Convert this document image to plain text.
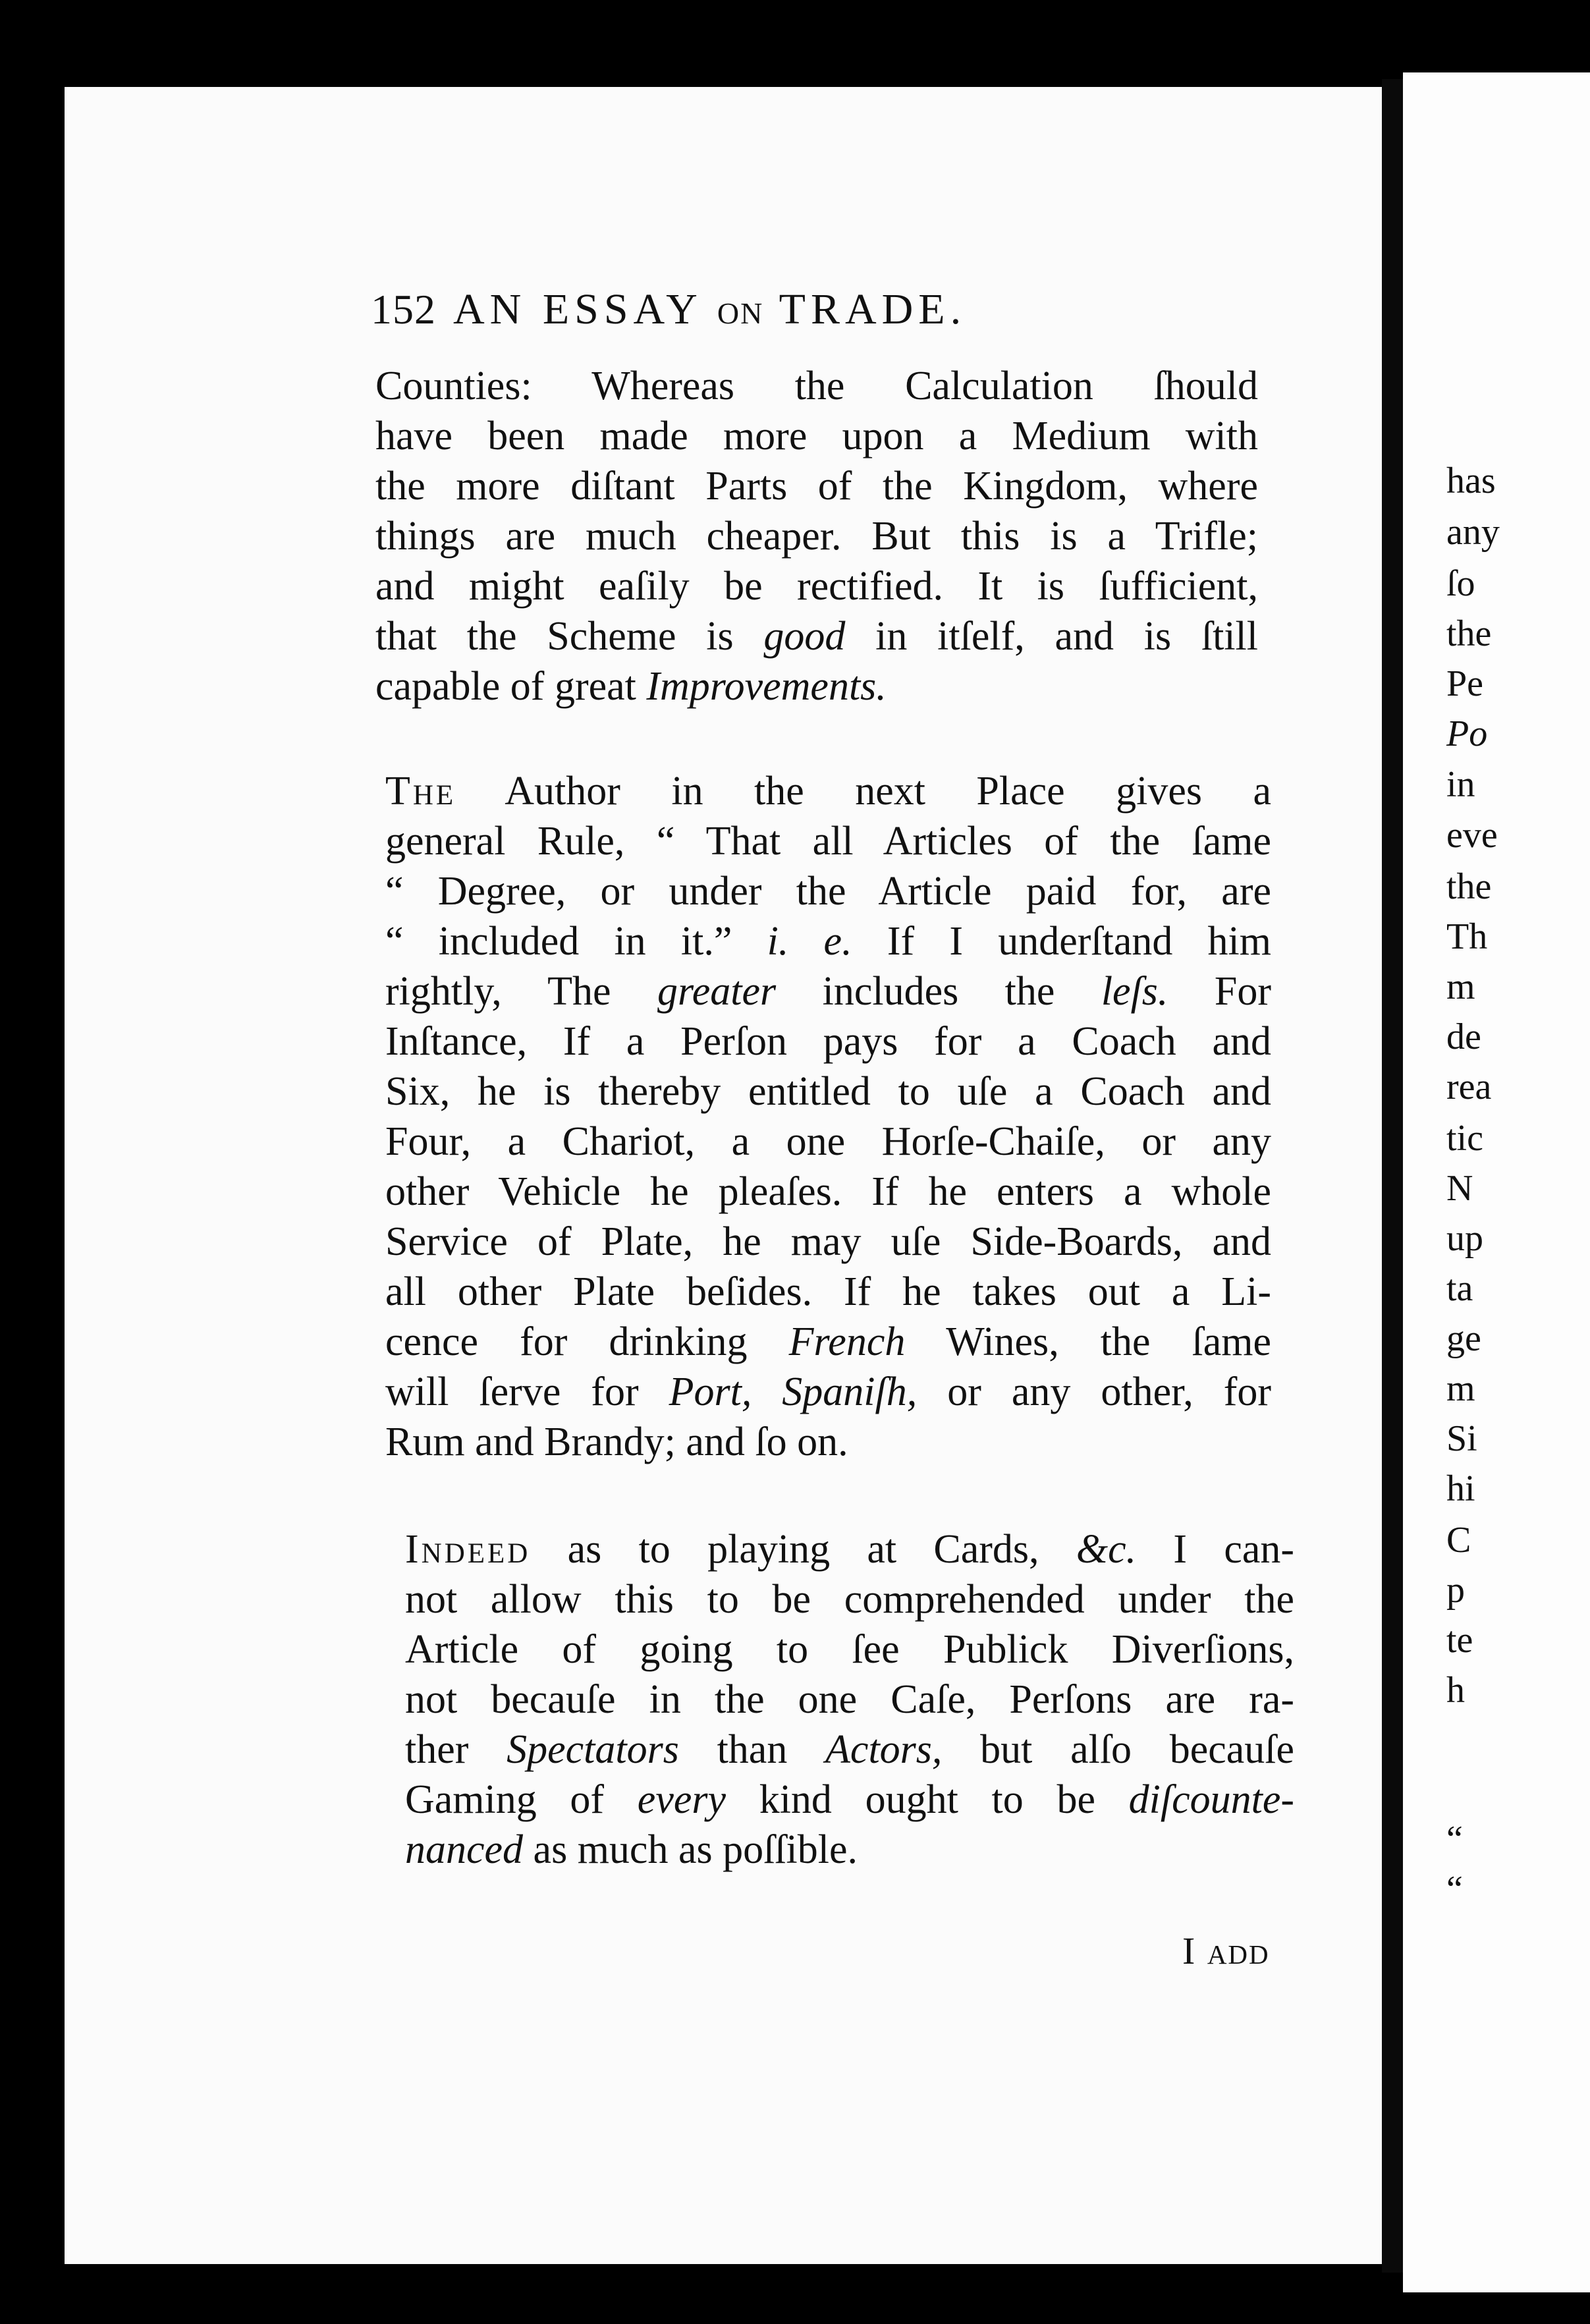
has
any
ſo
the
Pe
Po
in
eve
the
Th
m
de
rea
tic
N
up
ta
ge
m
Si
hi
C
p
te
h
“
“
152 AN ESSAY ON TRADE.
Counties: Whereas the Calculation ſhould
have been made more upon a Medium with
the more diſtant Parts of the Kingdom, where
things are much cheaper. But this is a Trifle;
and might eaſily be rectified. It is ſufficient,
that the Scheme is good in itſelf, and is ſtill
capable of great Improvements.
The Author in the next Place gives a
general Rule, “ That all Articles of the ſame
“ Degree, or under the Article paid for, are
“ included in it.” i. e. If I underſtand him
rightly, The greater includes the leſs. For
Inſtance, If a Perſon pays for a Coach and
Six, he is thereby entitled to uſe a Coach and
Four, a Chariot, a one Horſe-Chaiſe, or any
other Vehicle he pleaſes. If he enters a whole
Service of Plate, he may uſe Side-Boards, and
all other Plate beſides. If he takes out a Li-
cence for drinking French Wines, the ſame
will ſerve for Port, Spaniſh, or any other, for
Rum and Brandy; and ſo on.
Indeed as to playing at Cards, &c. I can-
not allow this to be comprehended under the
Article of going to ſee Publick Diverſions,
not becauſe in the one Caſe, Perſons are ra-
ther Spectators than Actors, but alſo becauſe
Gaming of every kind ought to be diſcounte-
nanced as much as poſſible.
I add
